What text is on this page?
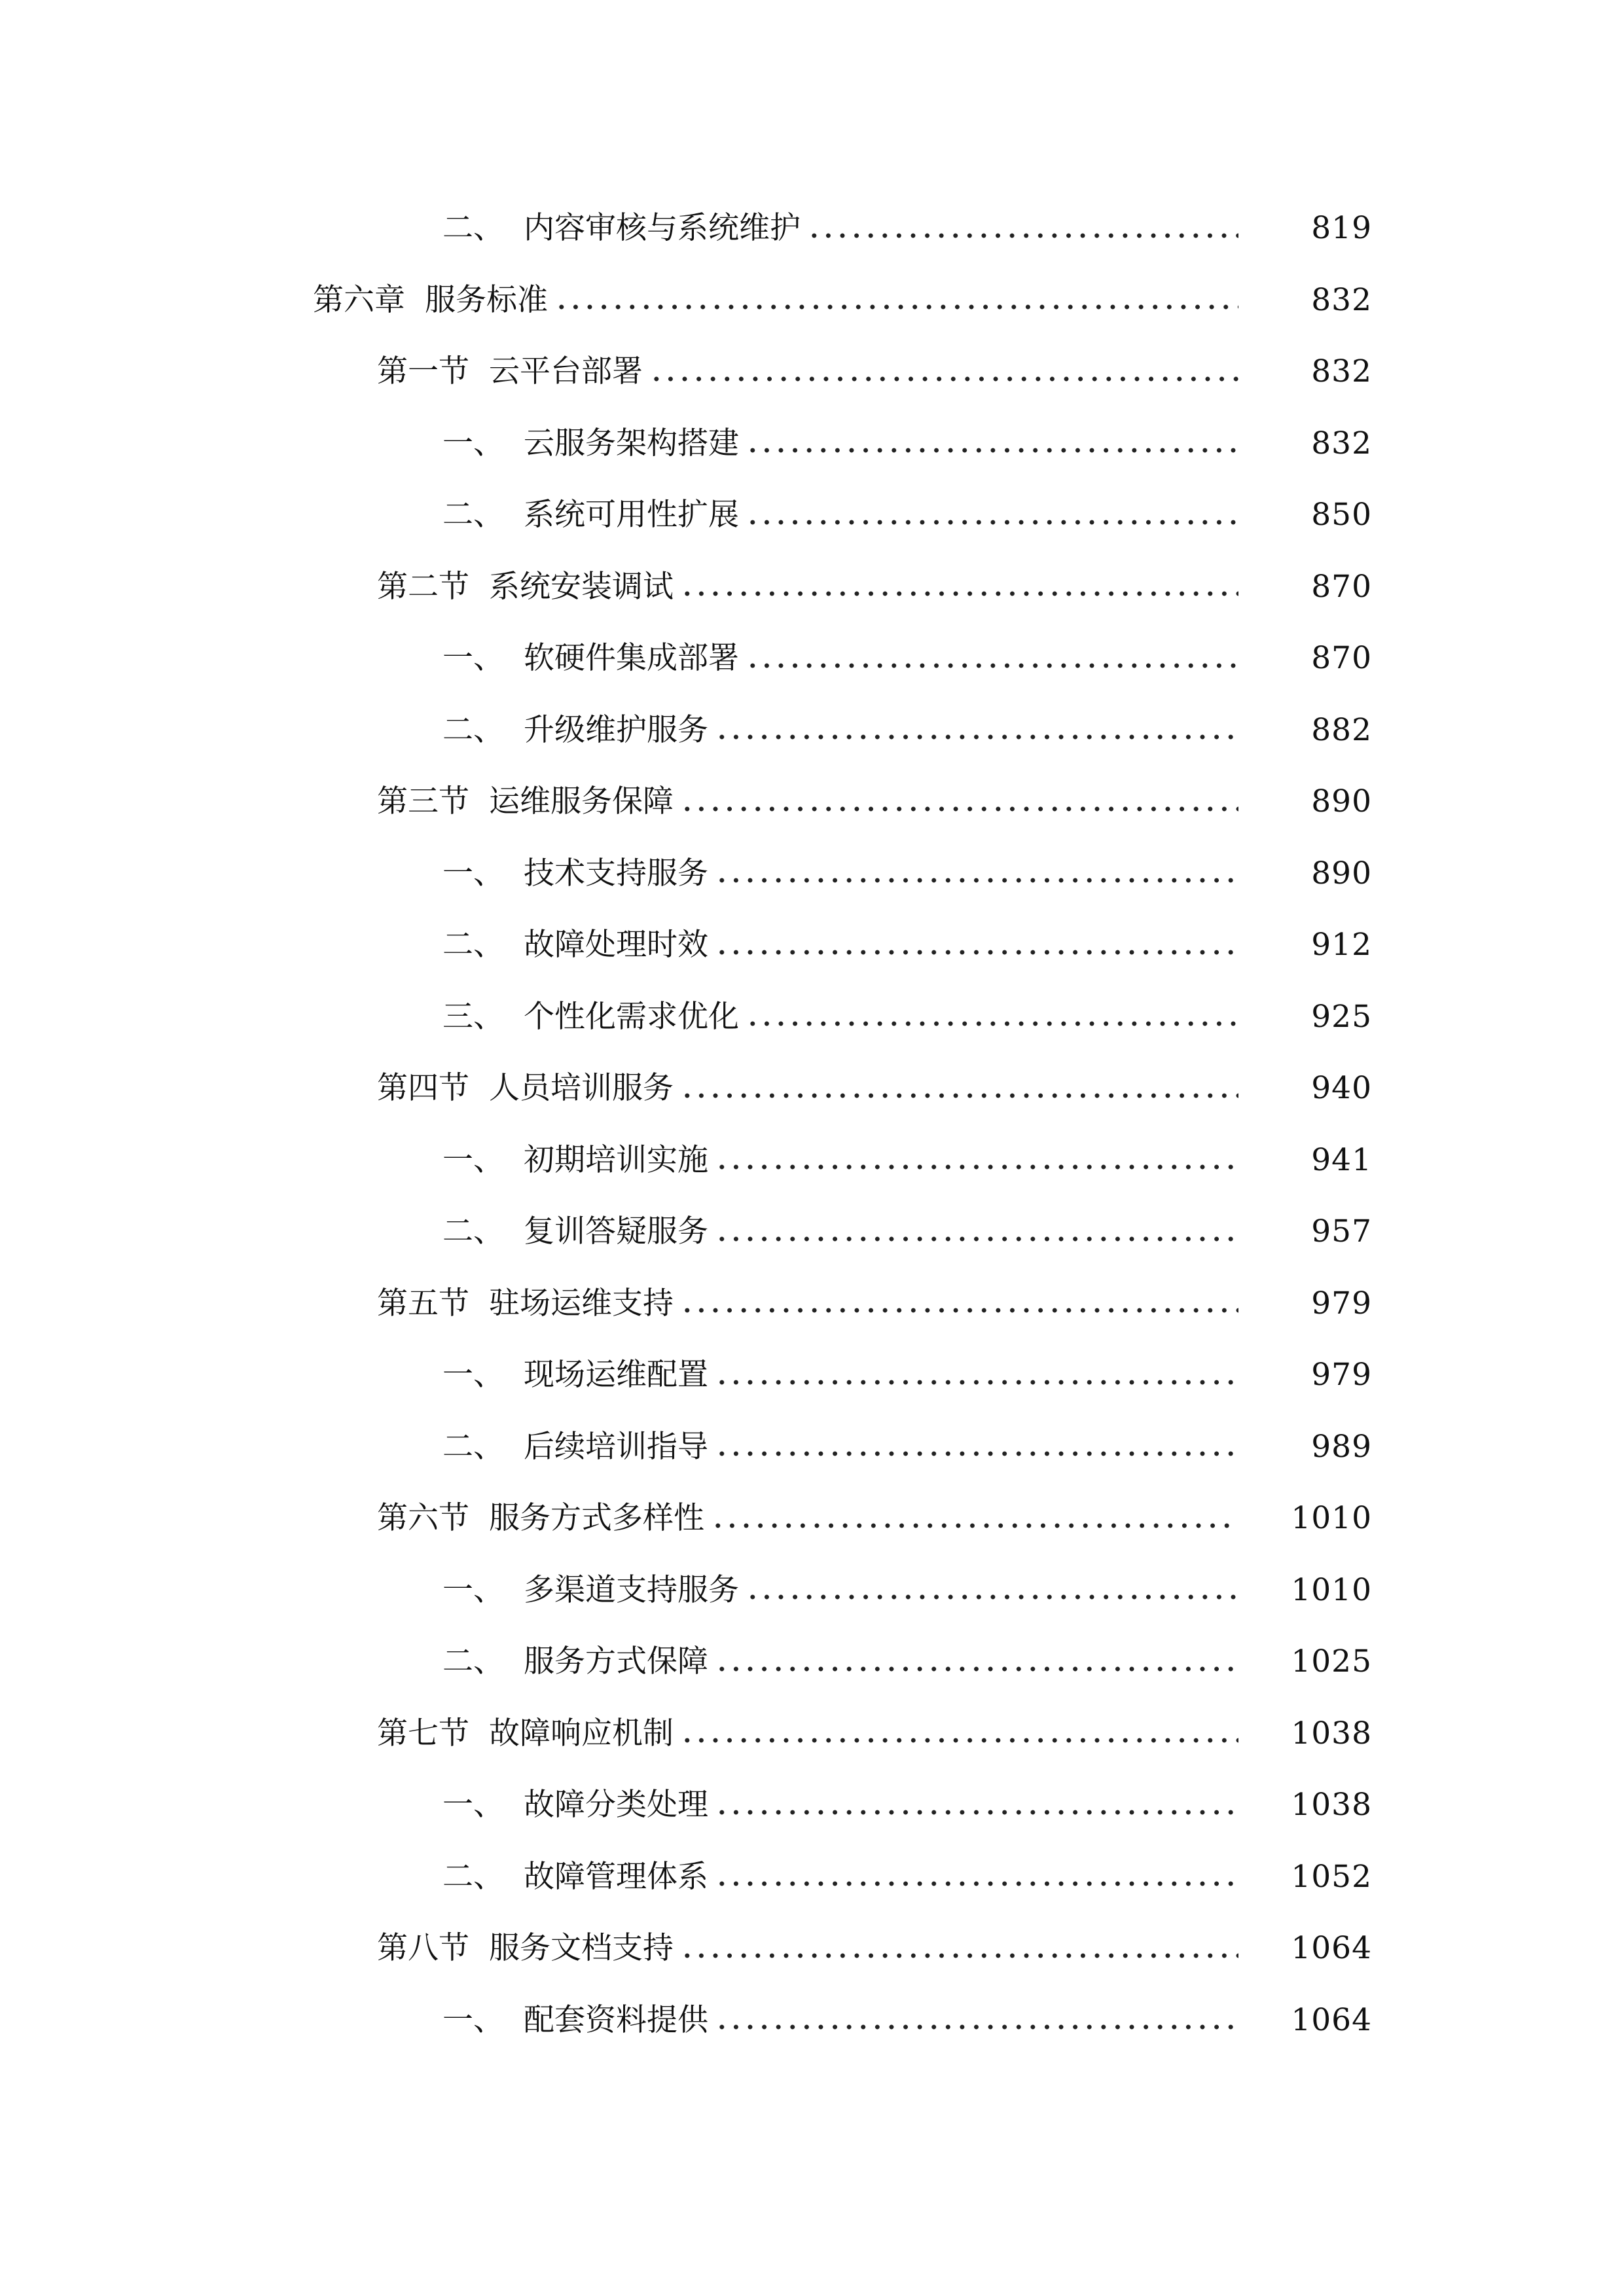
二、 内容审核与系统维护	819
第六章 服务标准	832
第一节 云平台部署	832
一、 云服务架构搭建	832
二、 系统可用性扩展	850
第二节 系统安装调试	870
一、 软硬件集成部署	870
二、 升级维护服务	882
第三节 运维服务保障	890
一、 技术支持服务	890
二、 故障处理时效	912
三、 个性化需求优化	925
第四节 人员培训服务	940
一、 初期培训实施	941
二、 复训答疑服务	957
第五节 驻场运维支持	979
一、 现场运维配置	979
二、 后续培训指导	989
第六节 服务方式多样性	1010
一、 多渠道支持服务	1010
二、 服务方式保障	1025
第七节 故障响应机制	1038
一、 故障分类处理	1038
二、 故障管理体系	1052
第八节 服务文档支持	1064
一、 配套资料提供	1064
